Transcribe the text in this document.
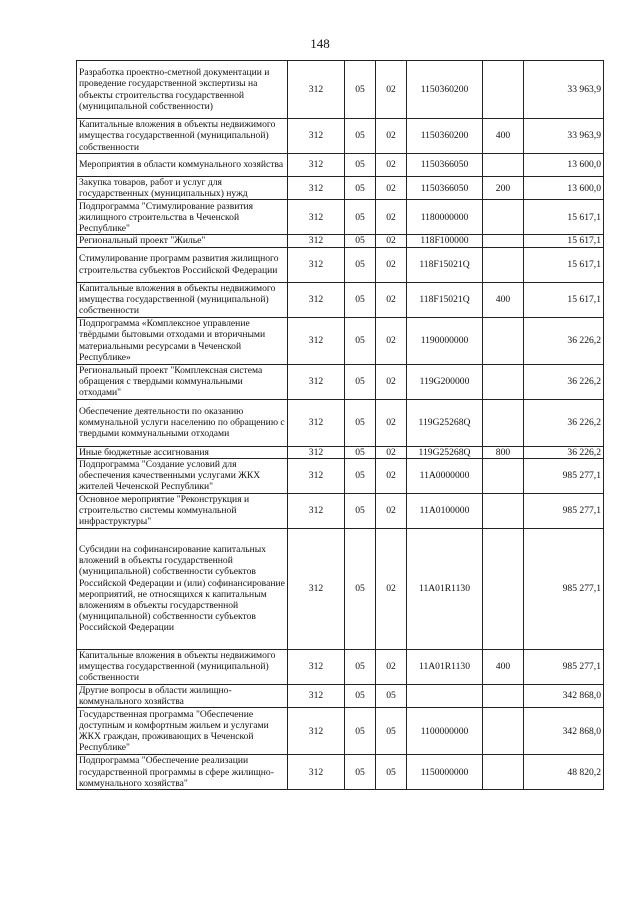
148
Разработка проектно-сметной документации и проведение государственной экспертизы на объекты строительства государственной (муниципальной собственности)	312	05	02	1150360200		33 963,9
Капитальные вложения в объекты недвижимого имущества государственной (муниципальной) собственности	312	05	02	1150360200	400	33 963,9
Мероприятия в области коммунального хозяйства	312	05	02	1150366050		13 600,0
Закупка товаров, работ и услуг для государственных (муниципальных) нужд	312	05	02	1150366050	200	13 600,0
Подпрограмма "Стимулирование развития жилищного строительства в Чеченской Республике"	312	05	02	1180000000		15 617,1
Региональный проект "Жилье"	312	05	02	118F100000		15 617,1
Стимулирование программ развития жилищного строительства субъектов Российской Федерации	312	05	02	118F15021Q		15 617,1
Капитальные вложения в объекты недвижимого имущества государственной (муниципальной) собственности	312	05	02	118F15021Q	400	15 617,1
Подпрограмма «Комплексное управление твёрдыми бытовыми отходами и вторичными материальными ресурсами в Чеченской Республике»	312	05	02	1190000000		36 226,2
Региональный проект "Комплексная система обращения с твердыми коммунальными отходами"	312	05	02	119G200000		36 226,2
Обеспечение деятельности по оказанию коммунальной услуги населению по обращению с твердыми коммунальными отходами	312	05	02	119G25268Q		36 226,2
Иные бюджетные ассигнования	312	05	02	119G25268Q	800	36 226,2
Подпрограмма "Создание условий для обеспечения качественными услугами ЖКХ жителей Чеченской Республики"	312	05	02	11А0000000		985 277,1
Основное мероприятие "Реконструкция и строительство системы коммунальной инфраструктуры"	312	05	02	11А0100000		985 277,1
Субсидии на софинансирование капитальных вложений в объекты государственной (муниципальной) собственности субъектов Российской Федерации и (или) софинансирование мероприятий, не относящихся к капитальным вложениям в объекты государственной (муниципальной) собственности субъектов Российской Федерации	312	05	02	11А01R1130		985 277,1
Капитальные вложения в объекты недвижимого имущества государственной (муниципальной) собственности	312	05	02	11А01R1130	400	985 277,1
Другие вопросы в области жилищно-коммунального хозяйства	312	05	05			342 868,0
Государственная программа "Обеспечение доступным и комфортным жильем и услугами ЖКХ граждан, проживающих в Чеченской Республике"	312	05	05	1100000000		342 868,0
Подпрограмма "Обеспечение реализации государственной программы в сфере жилищно-коммунального хозяйства"	312	05	05	1150000000		48 820,2
